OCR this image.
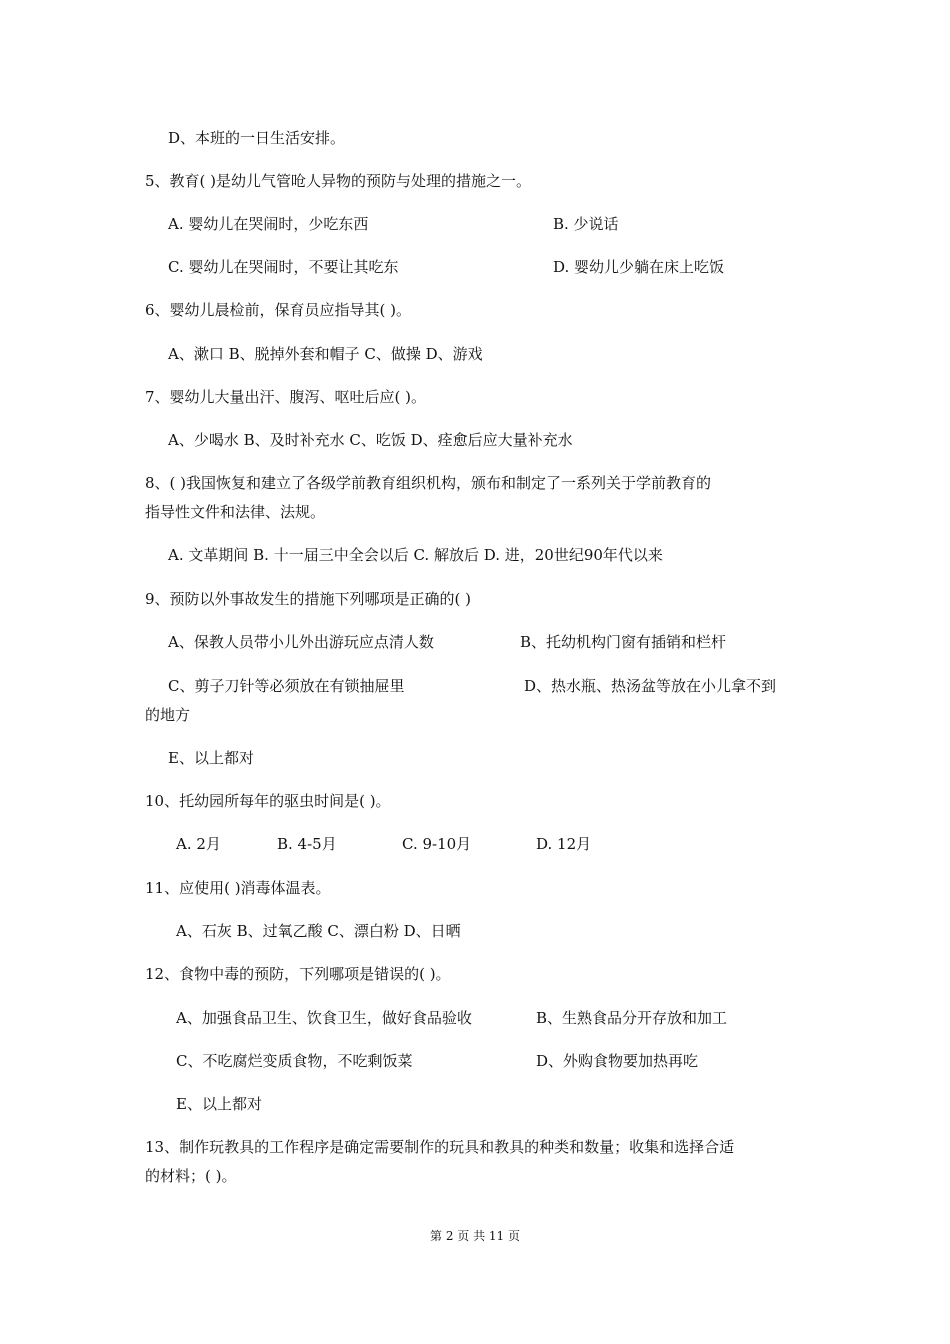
D、本班的一日生活安排。
5、教育( )是幼儿气管呛人异物的预防与处理的措施之一。
A. 婴幼儿在哭闹时，少吃东西	B. 少说话
C. 婴幼儿在哭闹时，不要让其吃东	D. 婴幼儿少躺在床上吃饭
6、婴幼儿晨检前，保育员应指导其( )。
A、漱口 B、脱掉外套和帽子 C、做操 D、游戏
7、婴幼儿大量出汗、腹泻、呕吐后应( )。
A、少喝水 B、及时补充水 C、吃饭 D、痊愈后应大量补充水
8、( )我国恢复和建立了各级学前教育组织机构，颁布和制定了一系列关于学前教育的
指导性文件和法律、法规。
A. 文革期间 B. 十一届三中全会以后 C. 解放后 D. 进，20世纪90年代以来
9、预防以外事故发生的措施下列哪项是正确的( )
A、保教人员带小儿外出游玩应点清人数	B、托幼机构门窗有插销和栏杆
C、剪子刀针等必须放在有锁抽屉里	D、热水瓶、热汤盆等放在小儿拿不到
的地方
E、以上都对
10、托幼园所每年的驱虫时间是( )。
A. 2月	B. 4-5月	C. 9-10月	D. 12月
11、应使用( )消毒体温表。
A、石灰 B、过氧乙酸 C、漂白粉 D、日晒
12、食物中毒的预防，下列哪项是错误的( )。
A、加强食品卫生、饮食卫生，做好食品验收	B、生熟食品分开存放和加工
C、不吃腐烂变质食物，不吃剩饭菜	D、外购食物要加热再吃
E、以上都对
13、制作玩教具的工作程序是确定需要制作的玩具和教具的种类和数量；收集和选择合适
的材料；( )。
第 2 页 共 11 页
